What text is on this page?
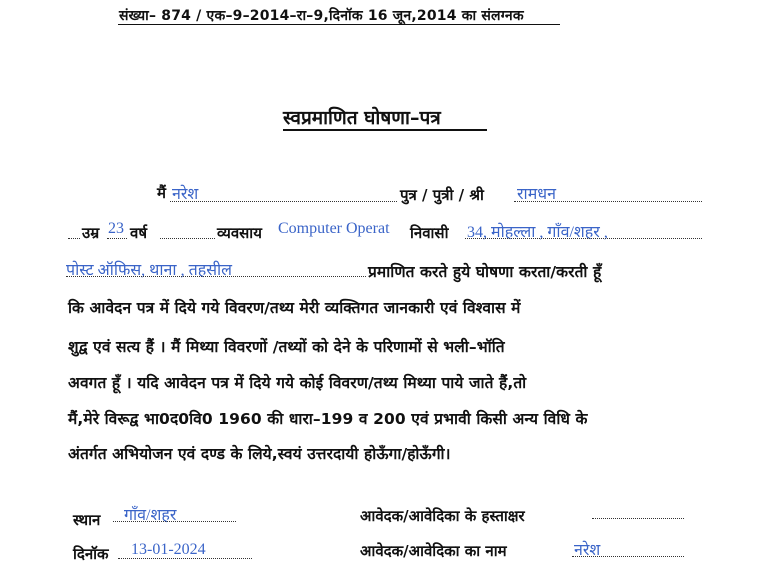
संख्या– 874 / एक–9–2014–रा–9,दिनॉक 16 जून,2014 का संलग्नक
स्वप्रमाणित घोषणा–पत्र
मैं नरेश	पुत्र / पुत्री / श्री रामधन
उम्र 23 वर्ष	व्यवसाय Computer Operat निवासी 34, मोहल्ला , गाँव/शहर ,
पोस्ट ऑफिस, थाना , तहसील	प्रमाणित करते हुये घोषणा करता/करती हूँ
कि आवेदन पत्र में दिये गये विवरण/तथ्य मेरी व्यक्तिगत जानकारी एवं विश्वास में
शुद्व एवं सत्य हैं । मैं मिथ्या विवरणों /तथ्यों को देने के परिणामों से भली–भॉति
अवगत हूँ । यदि आवेदन पत्र में दिये गये कोई विवरण/तथ्य मिथ्या पाये जाते हैं,तो
मैं,मेरे विरूद्व भा0द0वि0 1960 की धारा–199 व 200 एवं प्रभावी किसी अन्य विधि के
अंतर्गत अभियोजन एवं दण्ड के लिये,स्वयं उत्तरदायी होऊँगा/होऊँगी।
स्थान गाँव/शहर	आवेदक/आवेदिका के हस्ताक्षर
दिनॉक 13-01-2024	आवेदक/आवेदिका का नाम	नरेश
